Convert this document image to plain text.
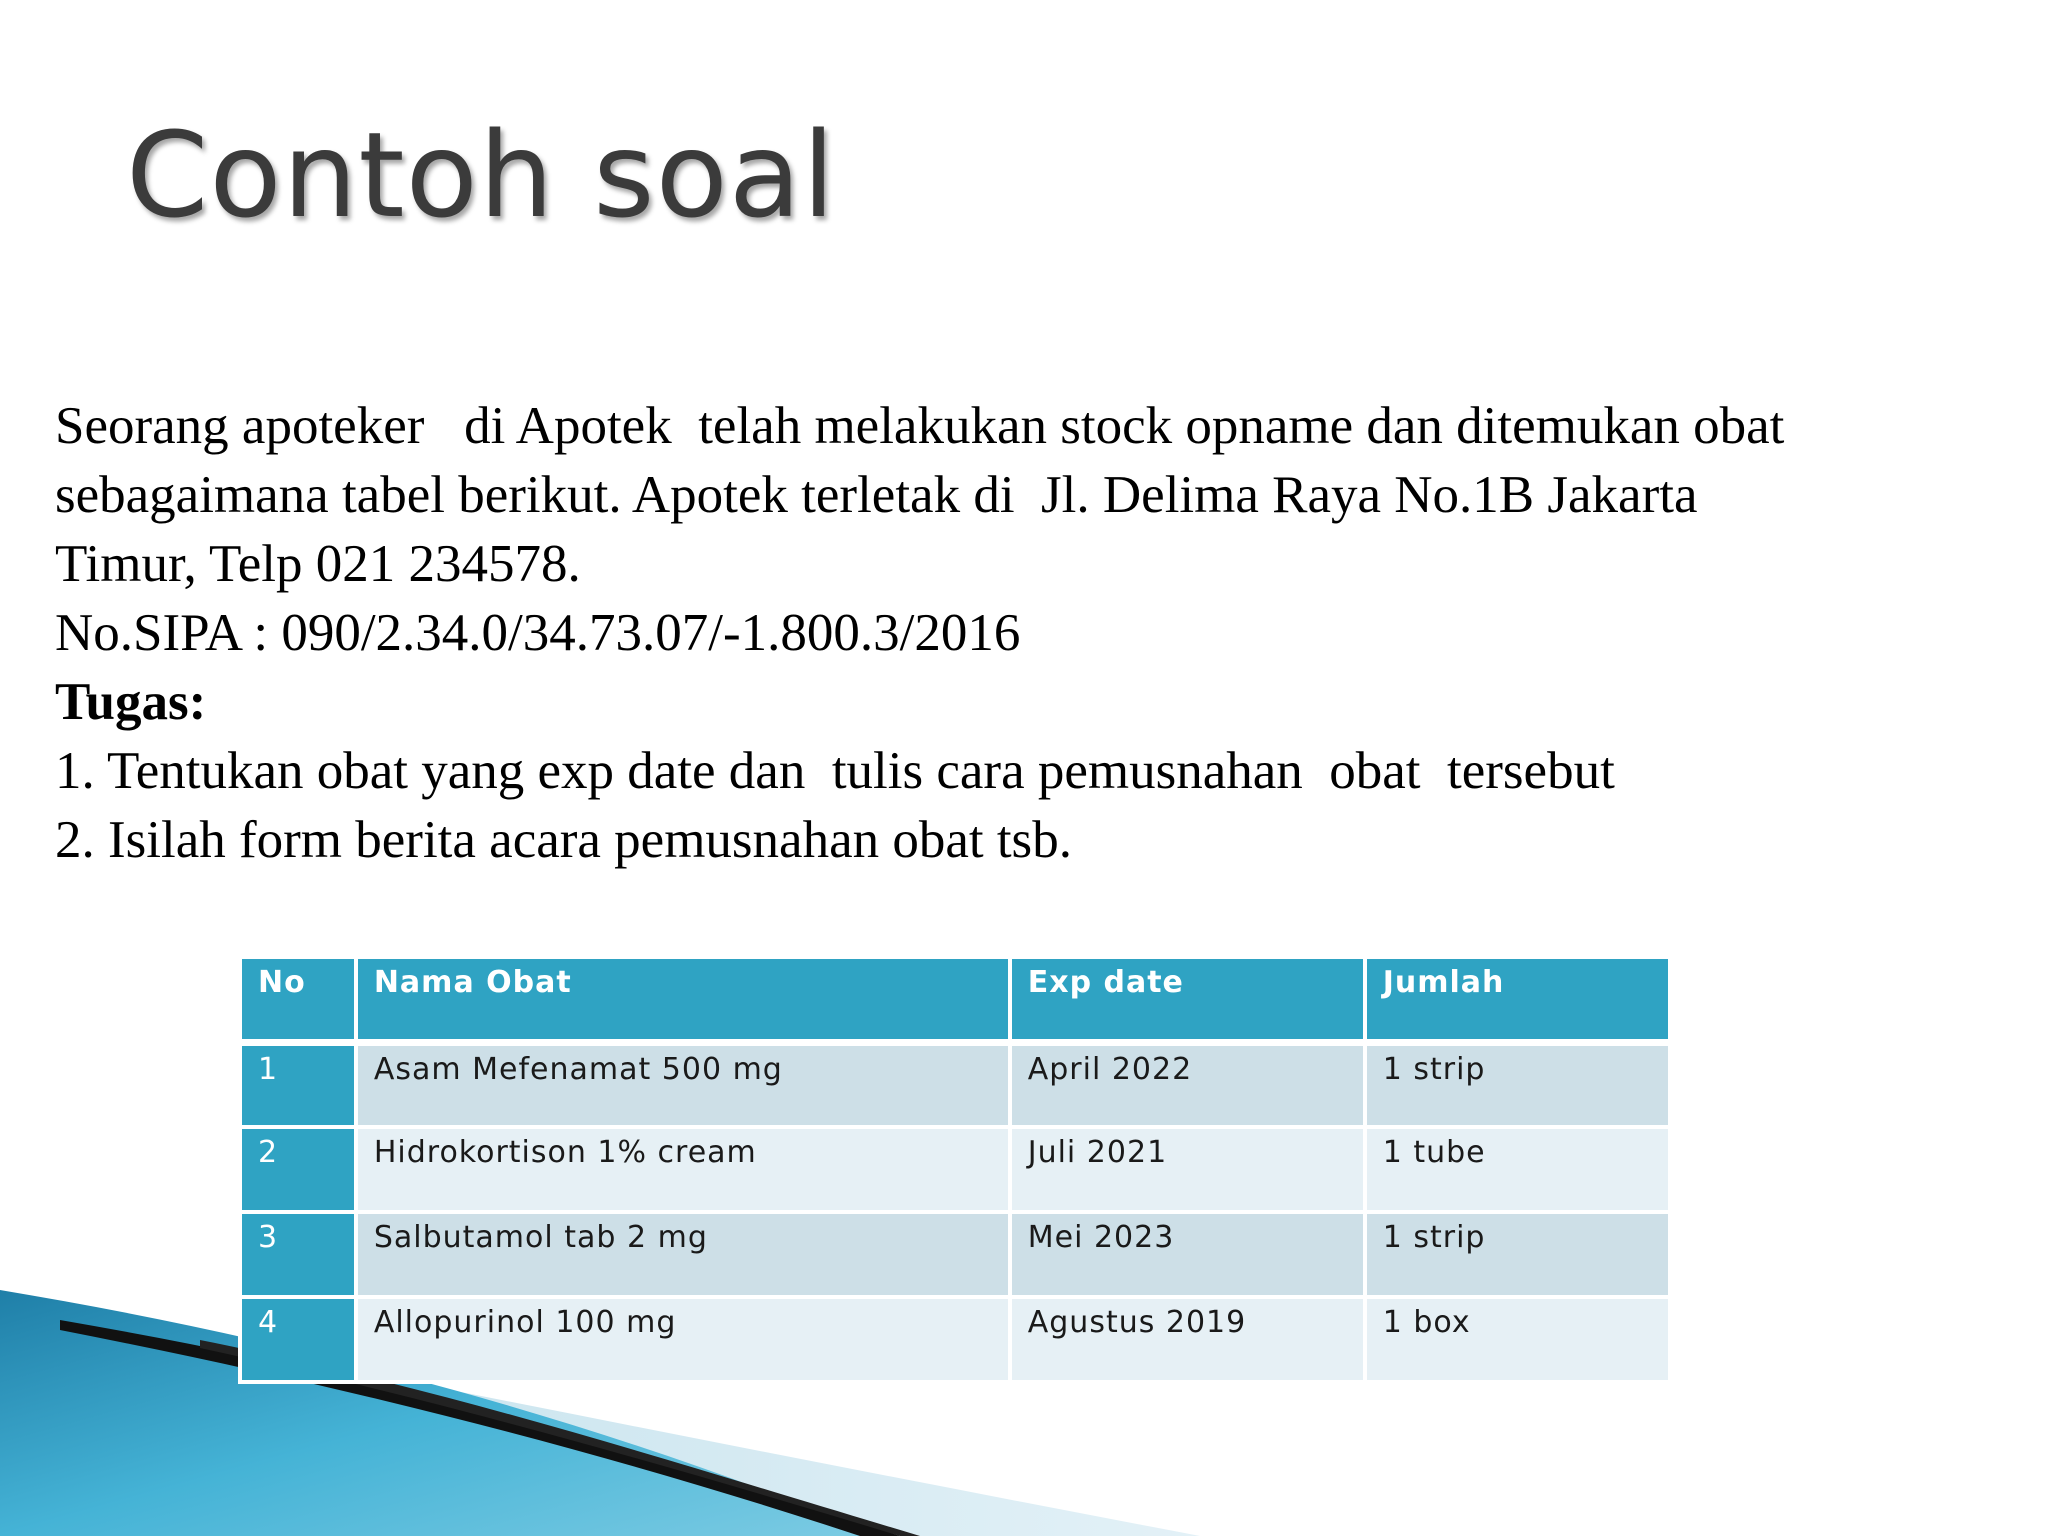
Contoh soal
Seorang apoteker   di Apotek  telah melakukan stock opname dan ditemukan obat
sebagaimana tabel berikut. Apotek terletak di  Jl. Delima Raya No.1B Jakarta
Timur, Telp 021 234578.
No.SIPA : 090/2.34.0/34.73.07/-1.800.3/2016
Tugas:
1. Tentukan obat yang exp date dan  tulis cara pemusnahan  obat  tersebut
2. Isilah form berita acara pemusnahan obat tsb.
No	Nama Obat	Exp date	Jumlah
1	Asam Mefenamat 500 mg	April 2022	1 strip
2	Hidrokortison 1% cream	Juli 2021	1 tube
3	Salbutamol tab 2 mg	Mei 2023	1 strip
4	Allopurinol 100 mg	Agustus 2019	1 box
